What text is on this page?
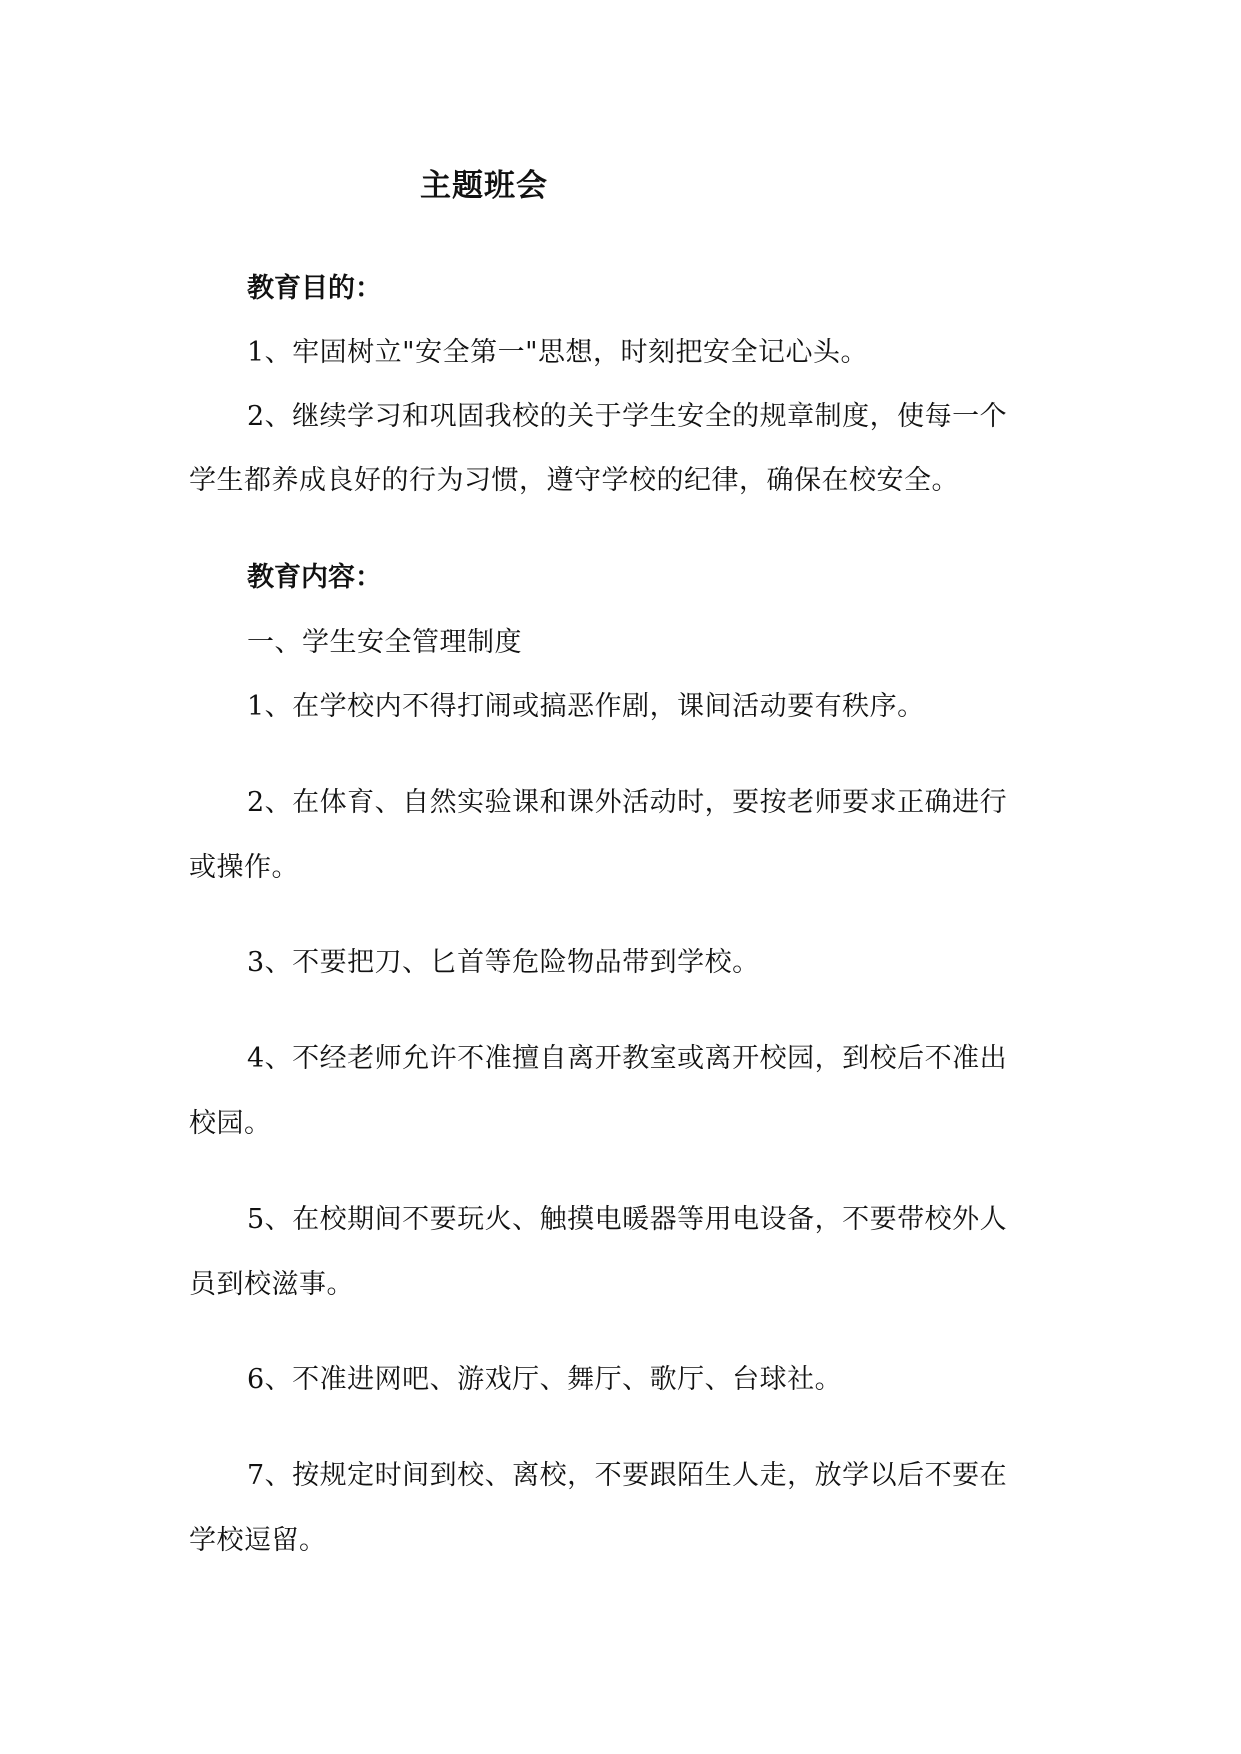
主题班会
教育目的：
1、牢固树立"安全第一"思想，时刻把安全记心头。
2、继续学习和巩固我校的关于学生安全的规章制度，使每一个
学生都养成良好的行为习惯，遵守学校的纪律，确保在校安全。
教育内容：
一、学生安全管理制度
1、在学校内不得打闹或搞恶作剧，课间活动要有秩序。
2、在体育、自然实验课和课外活动时，要按老师要求正确进行
或操作。
3、不要把刀、匕首等危险物品带到学校。
4、不经老师允许不准擅自离开教室或离开校园，到校后不准出
校园。
5、在校期间不要玩火、触摸电暖器等用电设备，不要带校外人
员到校滋事。
6、不准进网吧、游戏厅、舞厅、歌厅、台球社。
7、按规定时间到校、离校，不要跟陌生人走，放学以后不要在
学校逗留。
